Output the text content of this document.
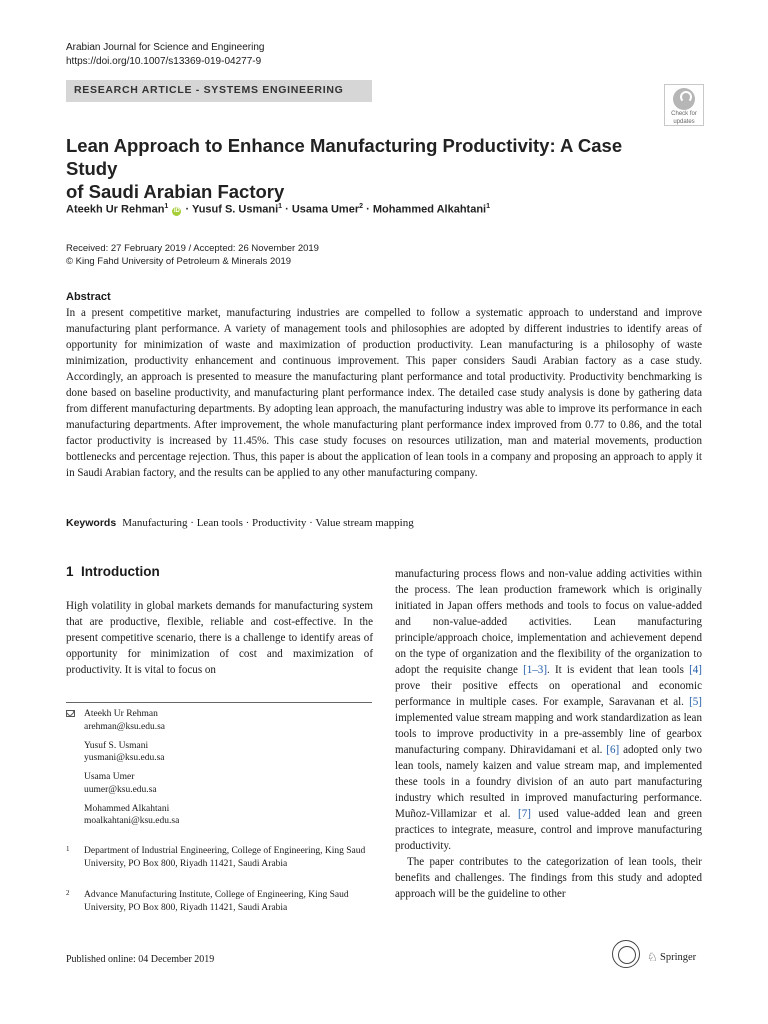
Arabian Journal for Science and Engineering
https://doi.org/10.1007/s13369-019-04277-9
RESEARCH ARTICLE - SYSTEMS ENGINEERING
Check for
updates
Lean Approach to Enhance Manufacturing Productivity: A Case Study
of Saudi Arabian Factory
Ateekh Ur Rehman$^1$ iD · Yusuf S. Usmani$^1$ · Usama Umer$^2$ · Mohammed Alkahtani$^1$
Received: 27 February 2019 / Accepted: 26 November 2019
© King Fahd University of Petroleum & Minerals 2019
Abstract

In a present competitive market, manufacturing industries are compelled to follow a systematic approach to understand and improve manufacturing plant performance. A variety of management tools and philosophies are adopted by different industries to identify areas of opportunity for minimization of waste and maximization of production productivity. Lean manufacturing is a philosophy of waste minimization, productivity enhancement and continuous improvement. This paper considers Saudi Arabian factory as a case study. Accordingly, an approach is presented to measure the manufacturing plant performance and total productivity. Productivity benchmarking is done based on baseline productivity, and manufacturing plant performance index. The detailed case study analysis is done by gathering data from different manufacturing departments. By adopting lean approach, the manufacturing industry was able to improve its performance in each manufacturing departments. After improvement, the whole manufacturing plant performance index improved from 0.77 to 0.86, and the total factor productivity is increased by 11.45%. This case study focuses on resources utilization, man and material movements, production bottlenecks and percentage rejection. Thus, this paper is about the application of lean tools in a company and proposing an approach to apply it in Saudi Arabian factory, and the results can be applied to any other manufacturing company.

Keywords Manufacturing · Lean tools · Productivity · Value stream mapping
1 Introduction

High volatility in global markets demands for manufacturing system that are productive, flexible, reliable and cost-effective. In the present competitive scenario, there is a challenge to identify areas of opportunity for minimization of cost and maximization of productivity. It is vital to focus on

Ateekh Ur Rehman
arehman@ksu.edu.sa
Yusuf S. Usmani
yusmani@ksu.edu.sa
Usama Umer
uumer@ksu.edu.sa
Mohammed Alkahtani
moalkahtani@ksu.edu.sa
1 Department of Industrial Engineering, College of Engineering, King Saud University, PO Box 800, Riyadh 11421, Saudi Arabia
2 Advance Manufacturing Institute, College of Engineering, King Saud University, PO Box 800, Riyadh 11421, Saudi Arabia

manufacturing process flows and non-value adding activities within the process. The lean production framework which is originally initiated in Japan offers methods and tools to focus on value-added and non-value-added activities. Lean manufacturing principle/approach choice, implementation and achievement depend on the type of organization and the flexibility of the organization to adopt the requisite change [1–3]. It is evident that lean tools [4] prove their positive effects on operational and economic performance in multiple cases. For example, Saravanan et al. [5] implemented value stream mapping and work standardization as lean tools to improve productivity in a pre-assembly line of gearbox manufacturing company. Dhiravidamani et al. [6] adopted only two lean tools, namely kaizen and value stream map, and implemented these tools in a foundry division of an auto part manufacturing industry which resulted in improved manufacturing performance. Muñoz-Villamizar et al. [7] used value-added lean and green practices to integrate, measure, control and improve manufacturing productivity.
The paper contributes to the categorization of lean tools, their benefits and challenges. The findings from this study and adopted approach will be the guideline to other

Published online: 04 December 2019	♘ Springer
